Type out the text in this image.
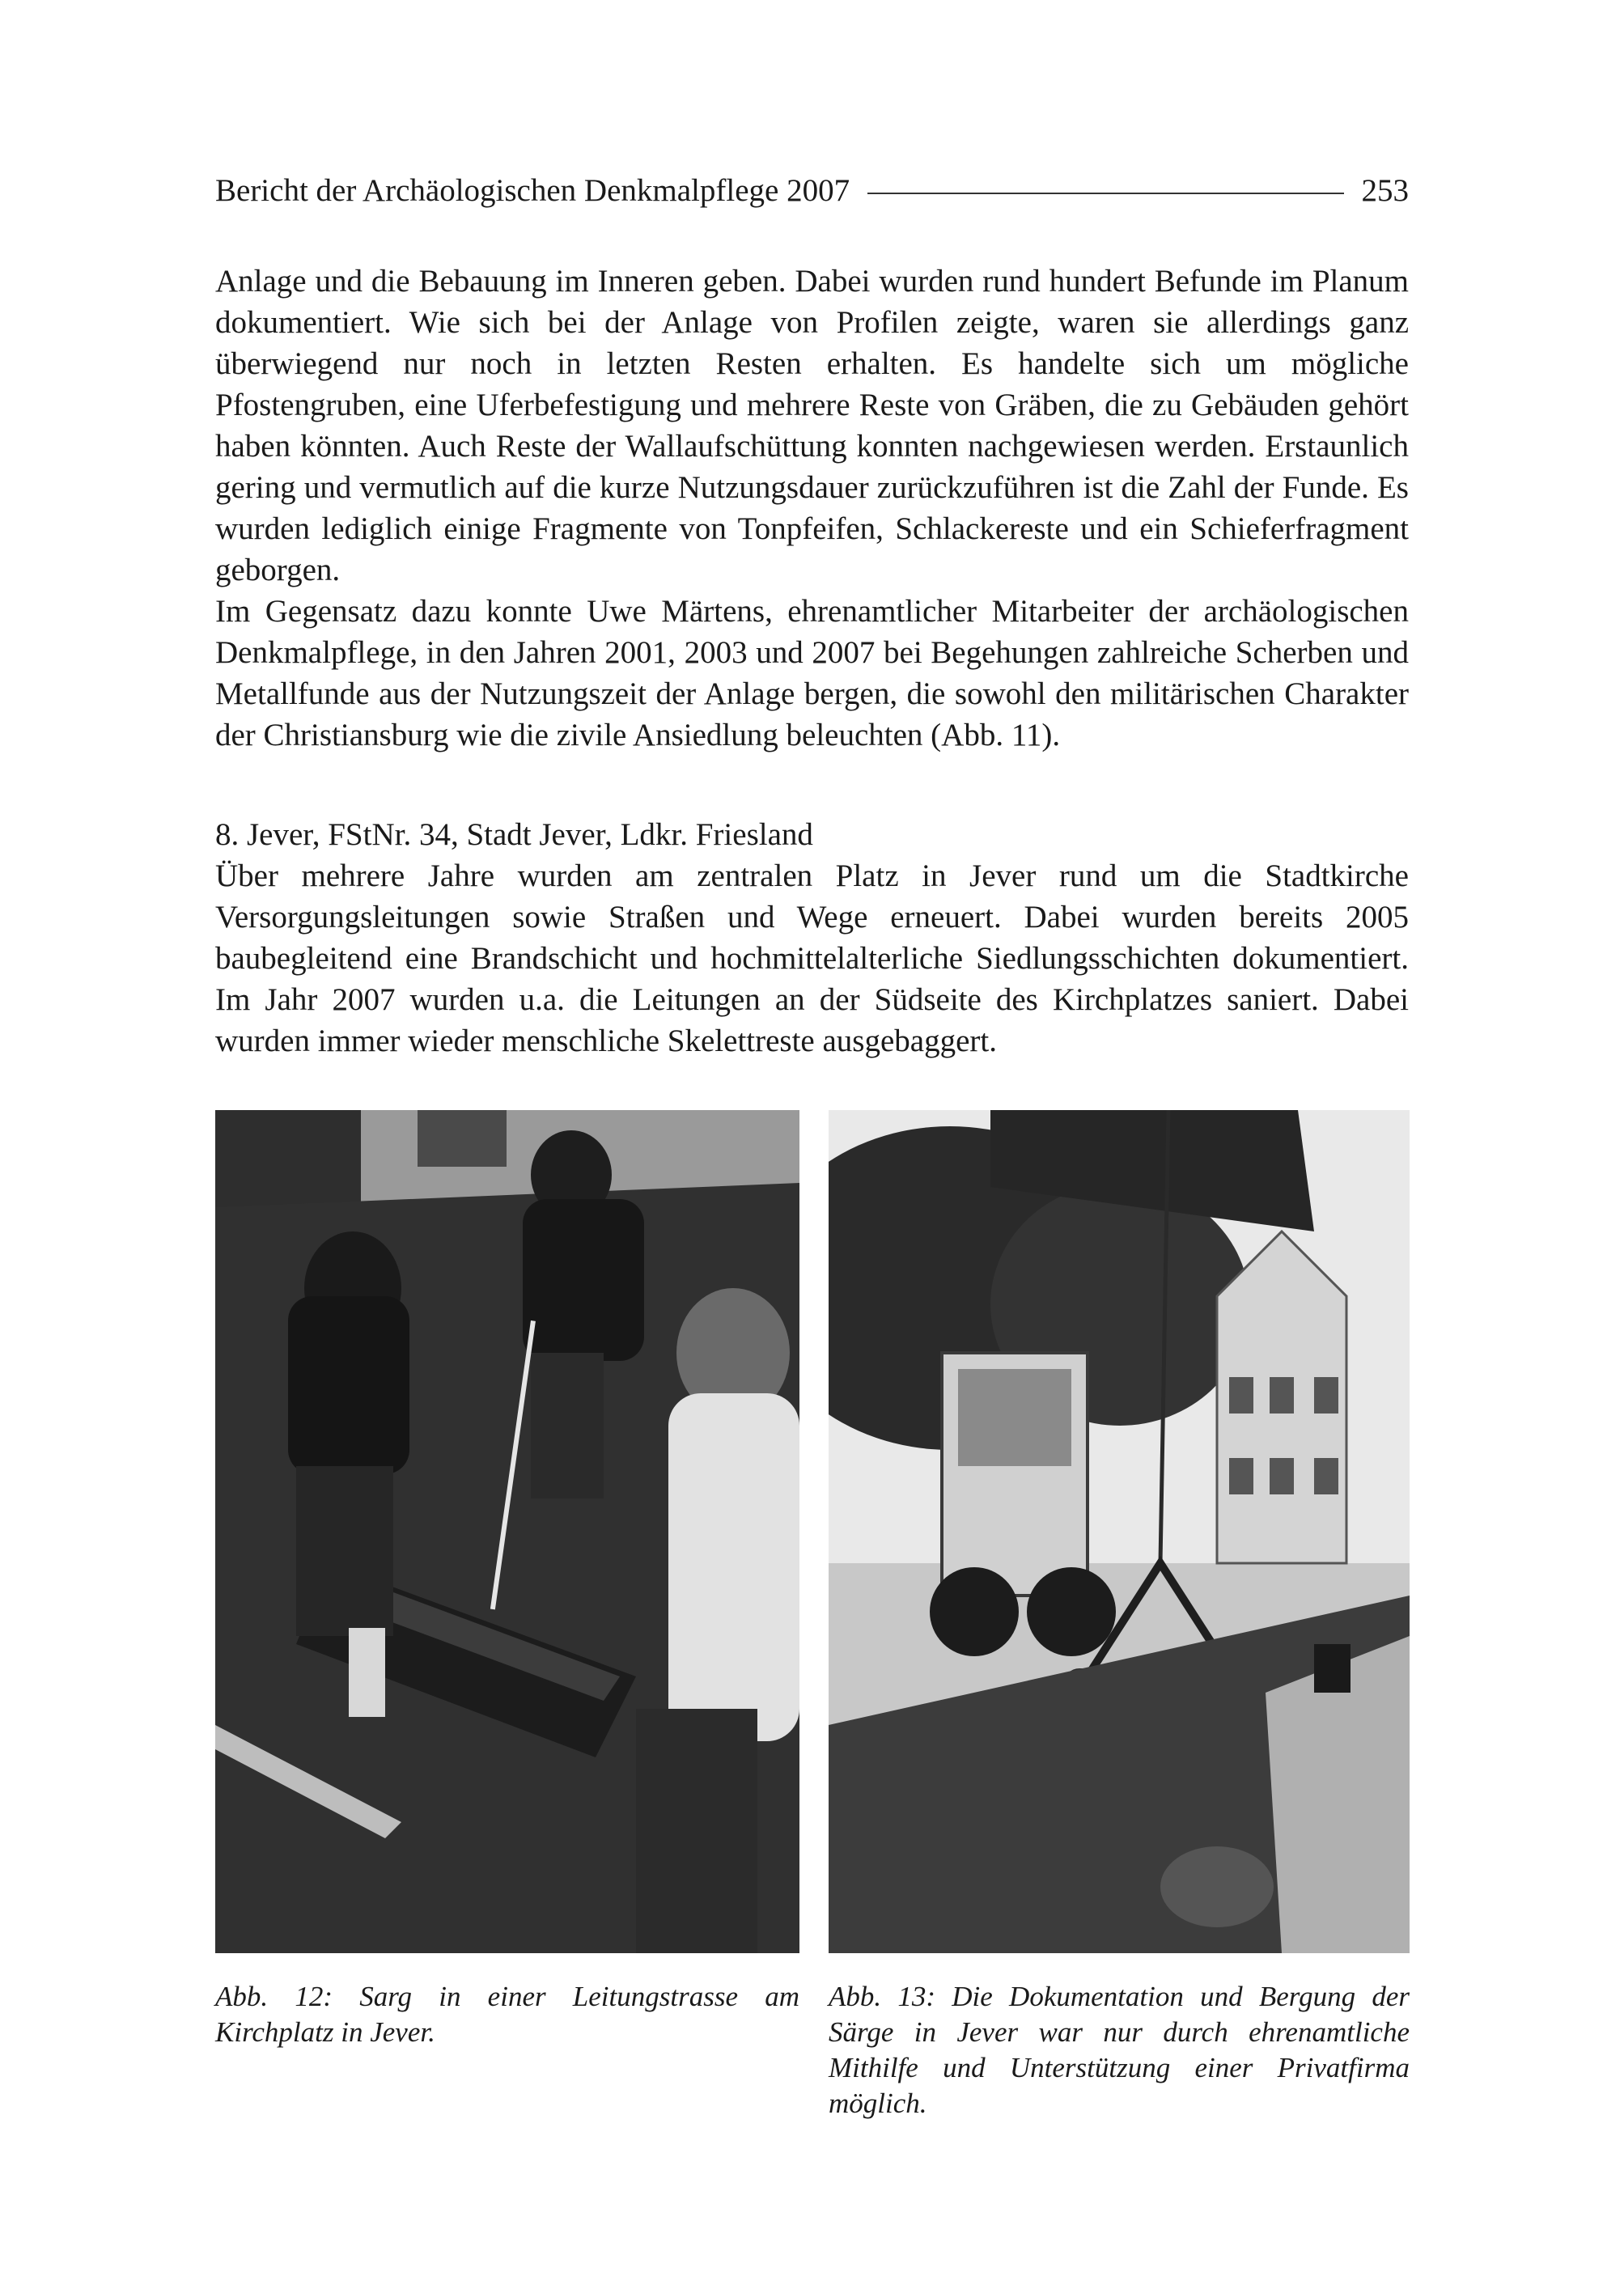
Bericht der Archäologischen Denkmalpflege 2007	253

Anlage und die Bebauung im Inneren geben. Dabei wurden rund hundert Befunde im Planum dokumentiert. Wie sich bei der Anlage von Profilen zeigte, waren sie allerdings ganz überwiegend nur noch in letzten Resten erhalten. Es handelte sich um mögliche Pfostengruben, eine Uferbefestigung und mehrere Reste von Gräben, die zu Gebäuden gehört haben könnten. Auch Reste der Wallaufschüttung konnten nachgewiesen werden. Erstaunlich gering und vermutlich auf die kurze Nutzungsdauer zurückzuführen ist die Zahl der Funde. Es wurden lediglich einige Fragmente von Tonpfeifen, Schlackereste und ein Schieferfragment geborgen.

Im Gegensatz dazu konnte Uwe Märtens, ehrenamtlicher Mitarbeiter der archäologischen Denkmalpflege, in den Jahren 2001, 2003 und 2007 bei Begehungen zahlreiche Scherben und Metallfunde aus der Nutzungszeit der Anlage bergen, die sowohl den militärischen Charakter der Christiansburg wie die zivile Ansiedlung beleuchten (Abb. 11).

8. Jever, FStNr. 34, Stadt Jever, Ldkr. Friesland
Über mehrere Jahre wurden am zentralen Platz in Jever rund um die Stadtkirche Versorgungsleitungen sowie Straßen und Wege erneuert. Dabei wurden bereits 2005 baubegleitend eine Brandschicht und hochmittelalterliche Siedlungsschichten dokumentiert. Im Jahr 2007 wurden u.a. die Leitungen an der Südseite des Kirchplatzes saniert. Dabei wurden immer wieder menschliche Skelettreste ausgebaggert.
Abb. 12: Sarg in einer Leitungstrasse am Kirchplatz in Jever.
Abb. 13: Die Dokumentation und Bergung der Särge in Jever war nur durch ehrenamtliche Mithilfe und Unterstützung einer Privatfirma möglich.
